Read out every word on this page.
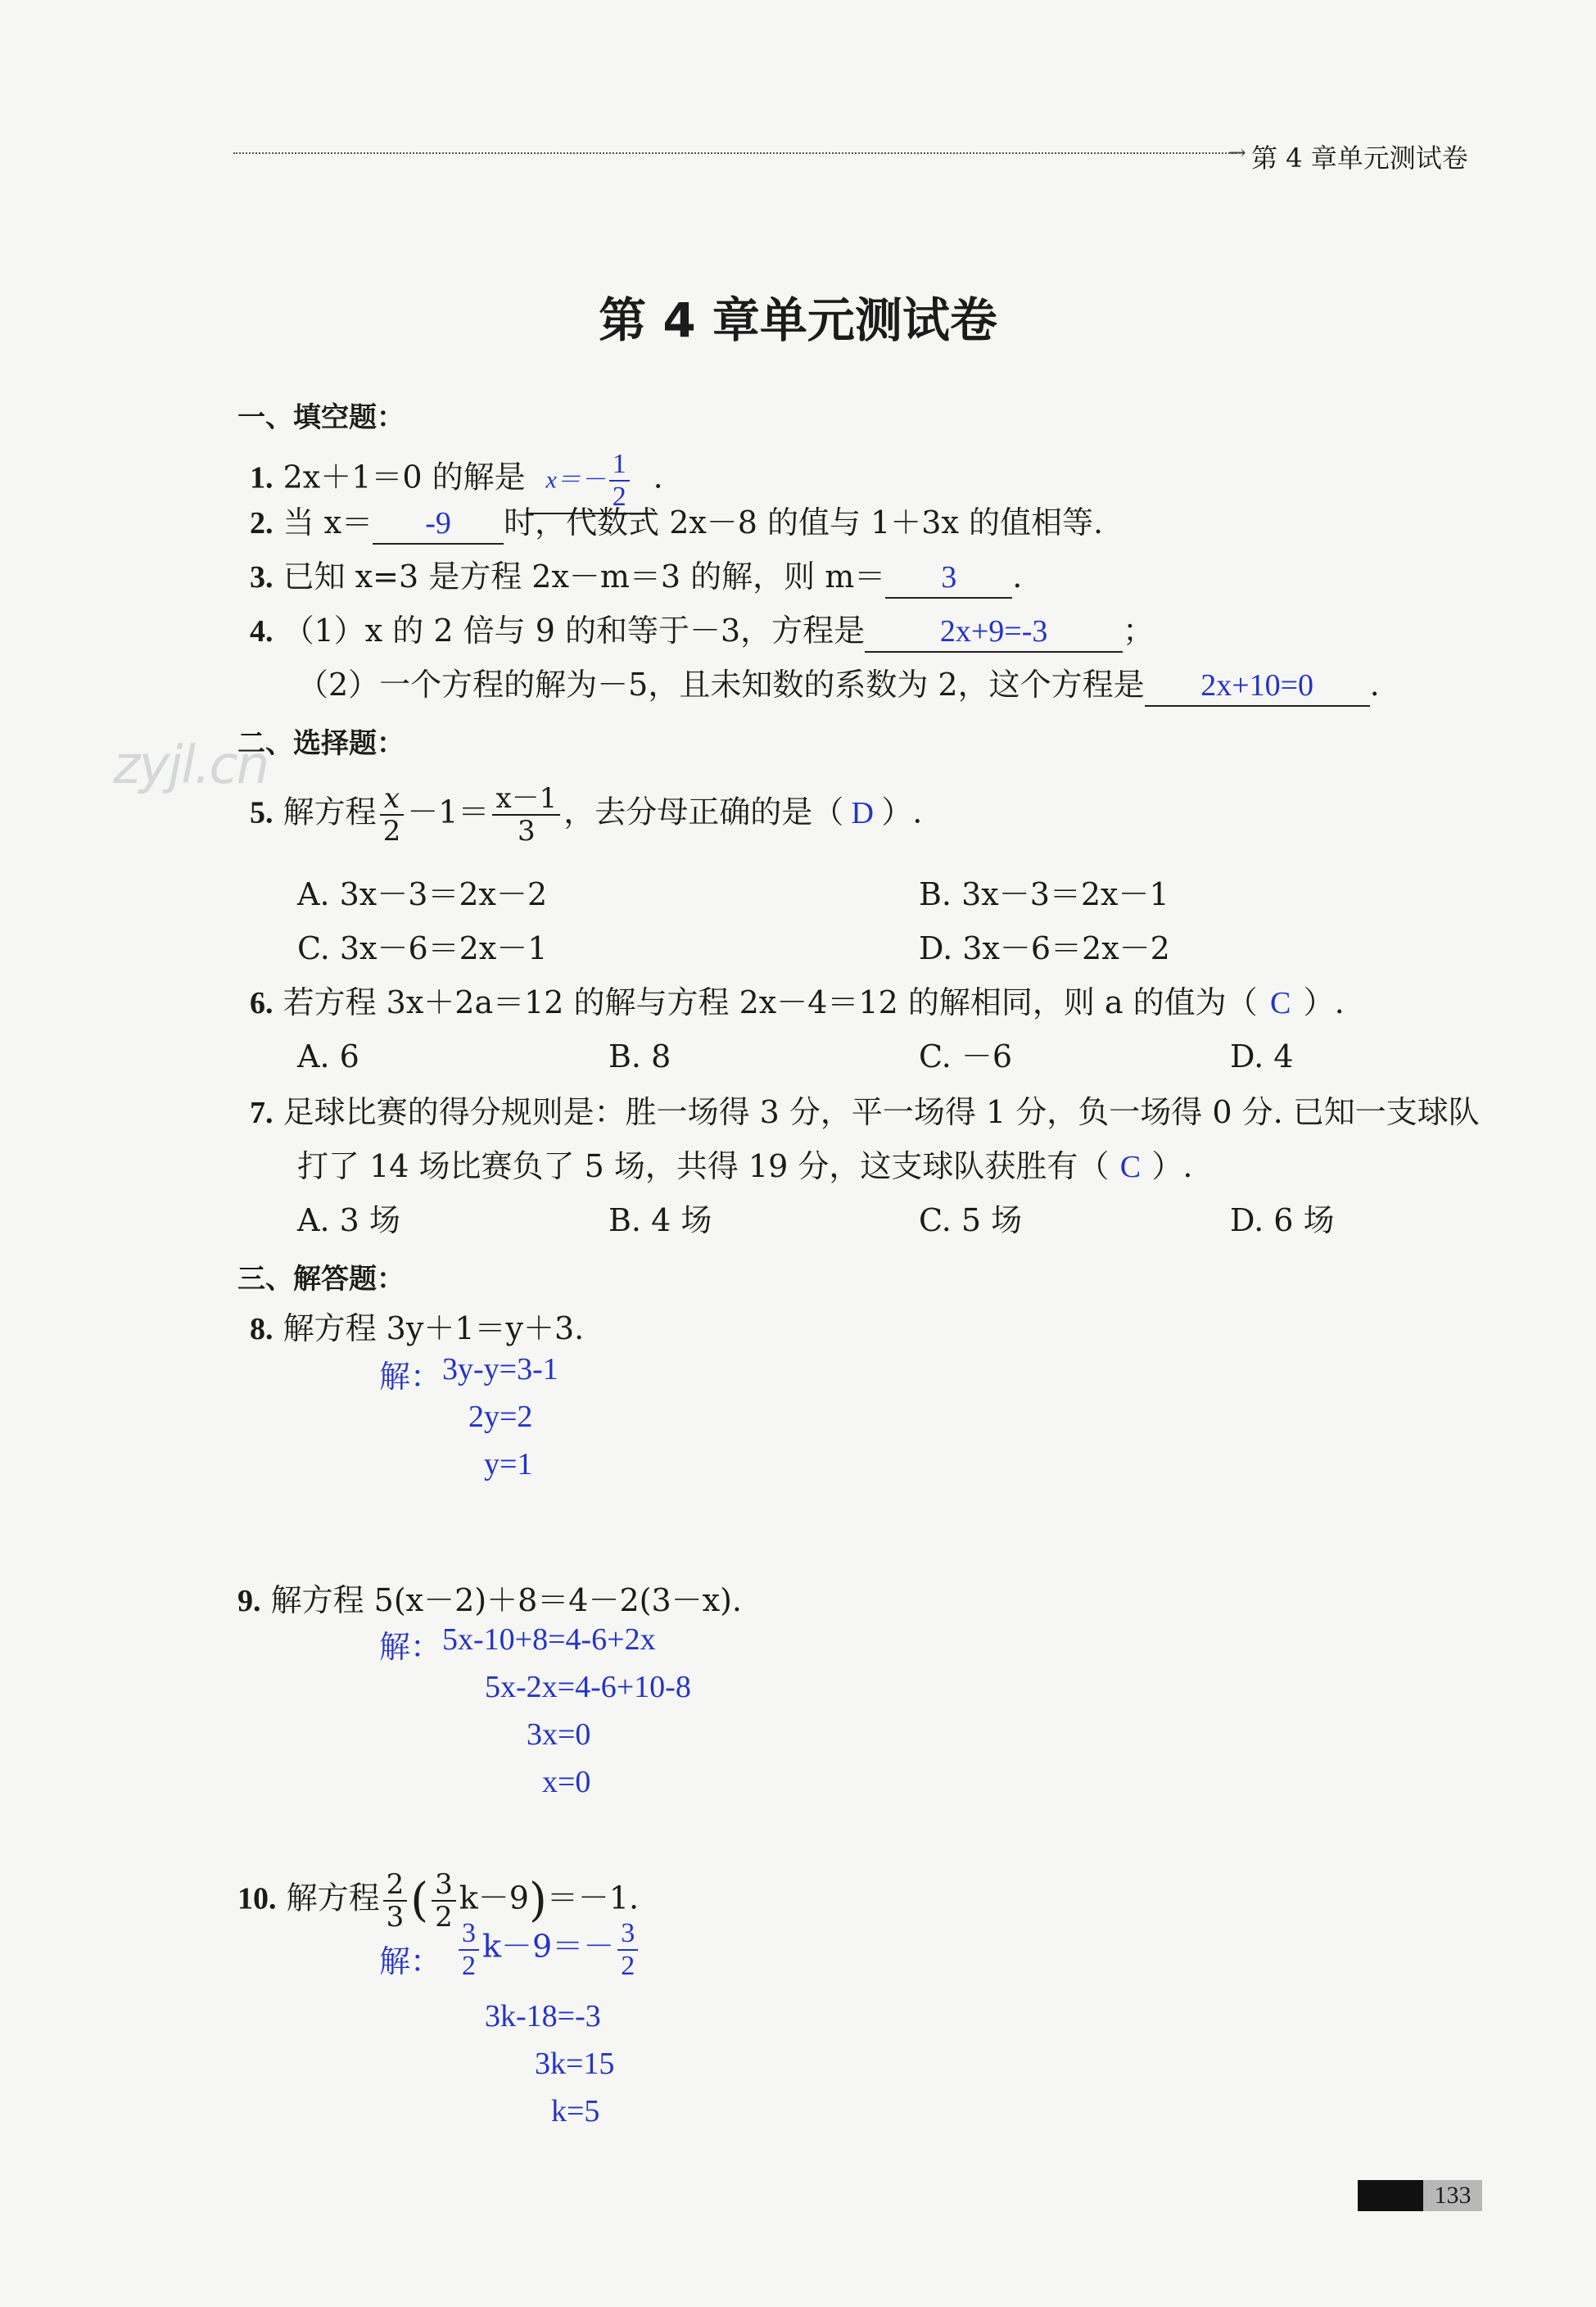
→ 第 4 章单元测试卷
第 4 章单元测试卷
zyjl.cn
一、填空题：
1. 2x＋1＝0 的解是 $x=- \frac{1}{2}$ .
2. 当 x＝ -9 时，代数式 2x－8 的值与 1＋3x 的值相等.
3. 已知 x=3 是方程 2x－m＝3 的解，则 m＝ 3 .
4. （1）x 的 2 倍与 9 的和等于－3，方程是 2x+9=-3 ；
（2）一个方程的解为－5，且未知数的系数为 2，这个方程是 2x+10=0 .
二、选择题：
5. 解方程 $\frac{x}{2} -1= \frac{x-1}{3}$ ，去分母正确的是（ D ）.
A. 3x－3＝2x－2	B. 3x－3＝2x－1
C. 3x－6＝2x－1	D. 3x－6＝2x－2
6. 若方程 3x＋2a＝12 的解与方程 2x－4＝12 的解相同，则 a 的值为（ C ）.
A. 6	B. 8	C. －6	D. 4
7. 足球比赛的得分规则是：胜一场得 3 分，平一场得 1 分，负一场得 0 分. 已知一支球队
打了 14 场比赛负了 5 场，共得 19 分，这支球队获胜有（ C ）.
A. 3 场	B. 4 场	C. 5 场	D. 6 场
三、解答题：
8. 解方程 3y＋1＝y＋3.
解： 3y-y=3-1
2y=2
y=1
9. 解方程 5(x－2)＋8＝4－2(3－x).
解： 5x-10+8=4-6+2x
5x-2x=4-6+10-8
3x=0
x=0
10. 解方程 $\frac{2}{3}$ ( $\frac{3}{2} k-9)=-1$.
解： $\frac{3}{2} k-9=- \frac{3}{2}$
3k-18=-3
3k=15
k=5
133
